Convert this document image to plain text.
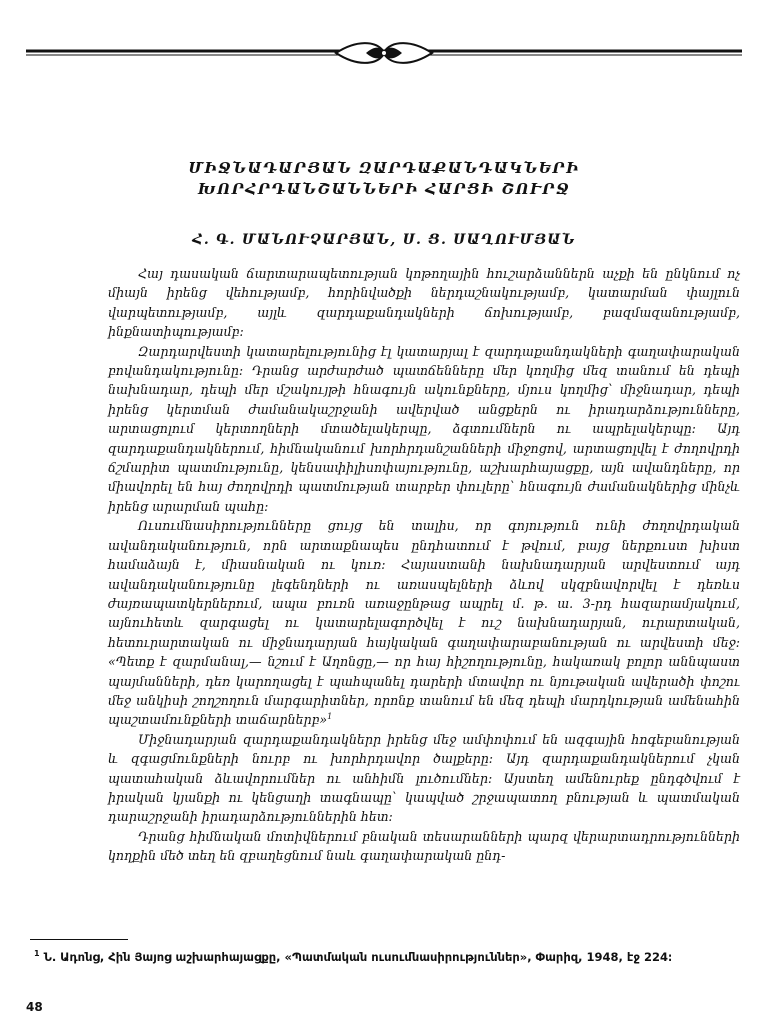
ՄԻՋՆԱԴԱՐՅԱՆ ԶԱՐԴԱՔԱՆԴԱԿՆԵՐԻ

ԽՈՐՀՐԴԱՆՇԱՆՆԵՐԻ ՀԱՐՑԻ ՇՈՒՐՋ

Հ. Գ. ՄԱՆՈՒՉԱՐՅԱՆ, Ս. Ց. ՍԱՂՈՒՄՅԱՆ

Հայ դասական ճարտարապետության կոթողային հուշարձաններն աչքի են ընկնում ոչ միայն իրենց վեհությամբ, հորինվածքի ներդաշնակությամբ, կատարման փայլուն վարպետությամբ, այլև զարդաքանդակների ճոխությամբ, բազմազանությամբ, ինքնատիպությամբ։

Զարդարվեստի կատարելությունից էլ կատարյալ է զարդաքանդակների գաղափարական բովանդակությունը։ Դրանց արժարժած պատճենները մեր կողմից մեզ տանում են դեպի նախնադար, դեպի մեր մշակույթի հնագույն ակունքները, մյուս կողմից՝ միջնադար, դեպի իրենց կերտման ժամանակաշրջանի ավերված անցքերն ու իրադարձությունները, արտացոլում կերտողների մտածելակերպը, ձգտումներն ու ապրելակերպը։ Այդ զարդաքանդակներում, հիմնականում խորհրդանշանների միջոցով, արտացոլվել է ժողովրդի ճշմարիտ պատմությունը, կենսափիլիսոփայությունը, աշխարհայացքը, այն ավանդները, որ միավորել են հայ ժողովրդի պատմության տարբեր փուլերը՝ հնագույն ժամանակներից մինչև իրենց արարման պահը։

Ուսումնասիրությունները ցույց են տալիս, որ գոյություն ունի ժողովրդական ավանդականություն, որն արտաքնապես ընդհատում է թվում, բայց ներքուստ խիստ համաձայն է, միասնական ու կուռ։ Հայաստանի նախնադարյան արվեստում այդ ավանդականությունը լեգենդների ու առասպելների ձևով սկզբնավորվել է դեռևս ժայռապատկերներում, ապա բուռն առաջընթաց ապրել մ. թ. ա. 3-րդ հազարամյակում, այնուհետև զարգացել ու կատարելագործվել է ուշ նախնադարյան, ուրարտական, հետուրարտական ու միջնադարյան հայկական գաղափարաբանության ու արվեստի մեջ։ «Պետք է զարմանալ,— նշում է Աղոնցը,— որ հայ հիշողությունը, հակառակ բոլոր աննպաստ պայմանների, դեռ կարողացել է պահպանել դարերի մտավոր ու նյութական ավերածի փոշու մեջ անկիսի շողշողուն մարգարիտներ, որոնք տանում են մեզ դեպի մարդկության ամենահին պաշտամունքների տաճարներբ»$^1$

Միջնադարյան զարդաքանդակներր իրենց մեջ ամփոփում են ազգային հոգեբանության և զգացմունքների նուրբ ու խորհրդավոր ծալքերը։ Այդ զարդաքանդակներում չկան պատահական ձևավորումներ ու անհիմն լուծումներ։ Այստեղ ամենուրեք ընդգծվում է իրական կյանքի ու կենցաղի տագնապը՝ կապված շրջապատող բնության և պատմական դարաշրջանի իրադարձություններին հետ։

Դրանց հիմնական մոտիվներում բնական տեսարանների պարզ վերարտադրությունների կողքին մեծ տեղ են զբաղեցնում նաև գաղափարական ընդ-

$^1$ Ն. Ադոնց, Հին Յայոց աշխարհայացքը, «Պատմական ուսումնասիրություններ», Փարիզ, 1948, էջ 224։
48
